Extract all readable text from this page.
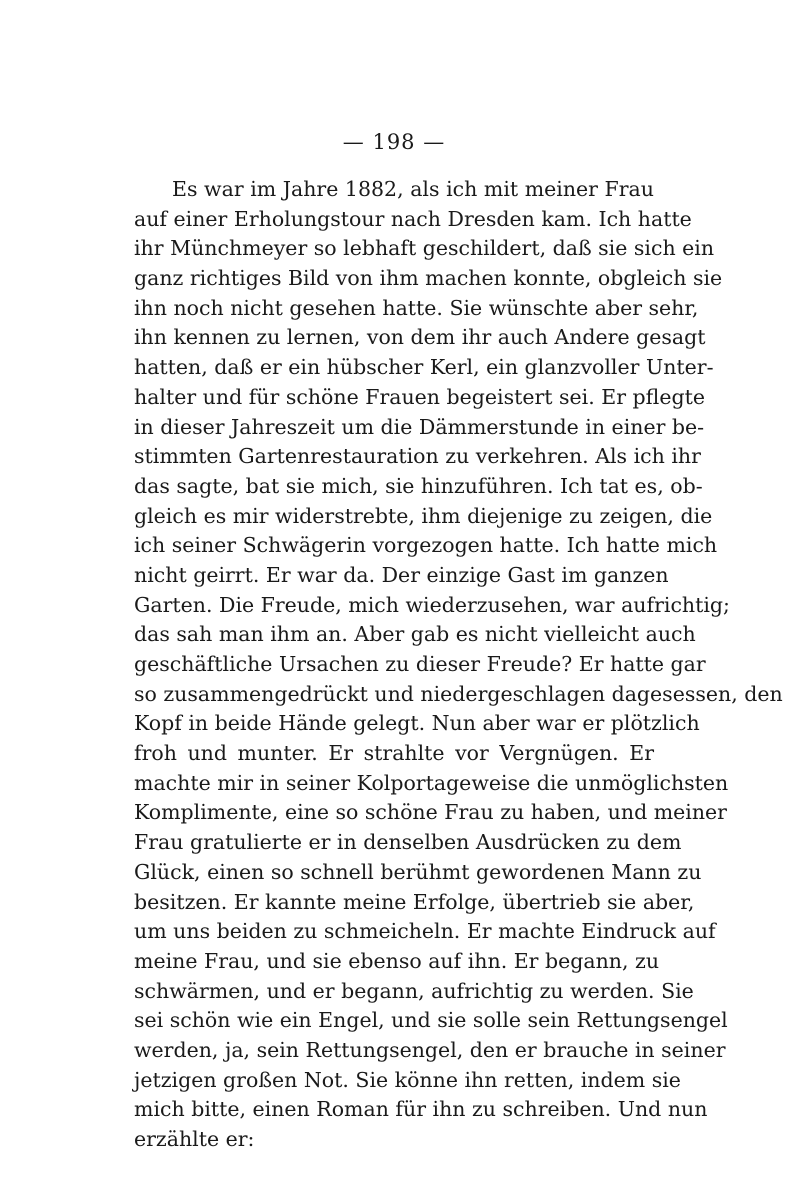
— 198 —
Es war im Jahre 1882, als ich mit meiner Frau
auf einer Erholungstour nach Dresden kam. Ich hatte
ihr Münchmeyer so lebhaft geschildert, daß sie sich ein
ganz richtiges Bild von ihm machen konnte, obgleich sie
ihn noch nicht gesehen hatte. Sie wünschte aber sehr,
ihn kennen zu lernen, von dem ihr auch Andere gesagt
hatten, daß er ein hübscher Kerl, ein glanzvoller Unter-
halter und für schöne Frauen begeistert sei. Er pflegte
in dieser Jahreszeit um die Dämmerstunde in einer be-
stimmten Gartenrestauration zu verkehren. Als ich ihr
das sagte, bat sie mich, sie hinzuführen. Ich tat es, ob-
gleich es mir widerstrebte, ihm diejenige zu zeigen, die
ich seiner Schwägerin vorgezogen hatte. Ich hatte mich
nicht geirrt. Er war da. Der einzige Gast im ganzen
Garten. Die Freude, mich wiederzusehen, war aufrichtig;
das sah man ihm an. Aber gab es nicht vielleicht auch
geschäftliche Ursachen zu dieser Freude? Er hatte gar
so zusammengedrückt und niedergeschlagen dagesessen, den
Kopf in beide Hände gelegt. Nun aber war er plötzlich
froh und munter. Er strahlte vor Vergnügen. Er
machte mir in seiner Kolportageweise die unmöglichsten
Komplimente, eine so schöne Frau zu haben, und meiner
Frau gratulierte er in denselben Ausdrücken zu dem
Glück, einen so schnell berühmt gewordenen Mann zu
besitzen. Er kannte meine Erfolge, übertrieb sie aber,
um uns beiden zu schmeicheln. Er machte Eindruck auf
meine Frau, und sie ebenso auf ihn. Er begann, zu
schwärmen, und er begann, aufrichtig zu werden. Sie
sei schön wie ein Engel, und sie solle sein Rettungsengel
werden, ja, sein Rettungsengel, den er brauche in seiner
jetzigen großen Not. Sie könne ihn retten, indem sie
mich bitte, einen Roman für ihn zu schreiben. Und nun
erzählte er:
